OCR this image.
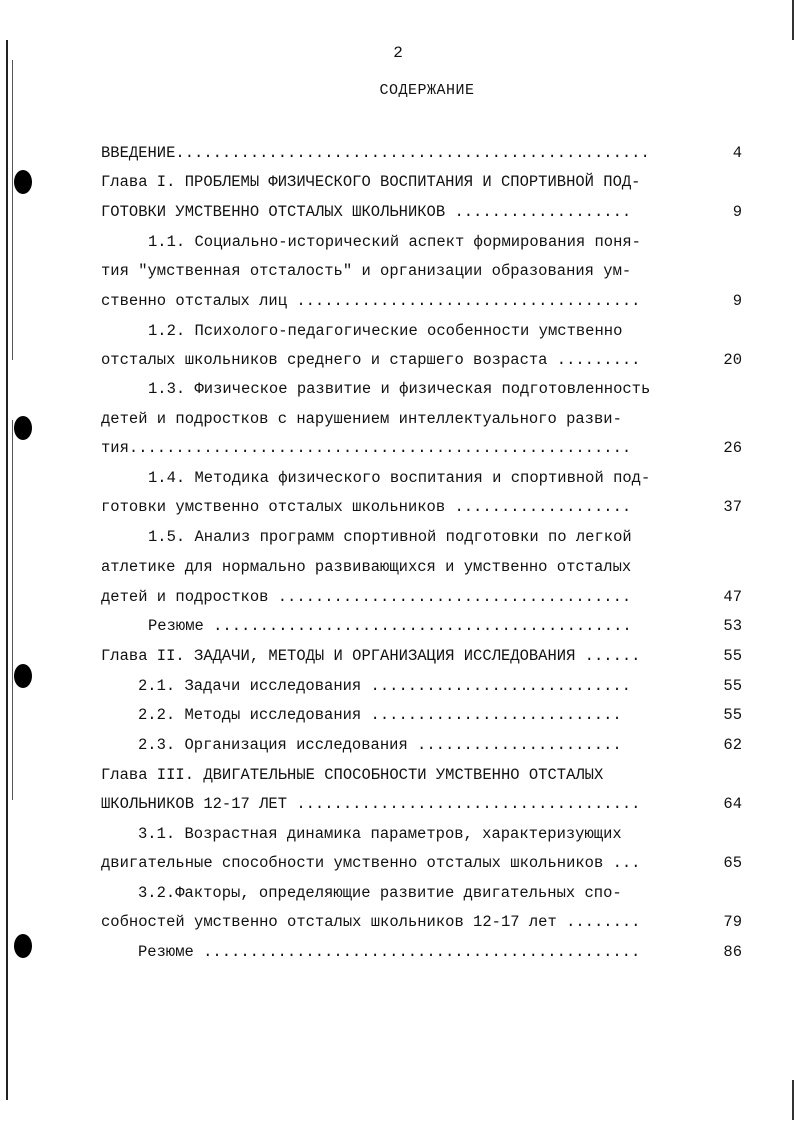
2
СОДЕРЖАНИЕ
ВВЕДЕНИЕ...................................................	4
Глава I. ПРОБЛЕМЫ ФИЗИЧЕСКОГО ВОСПИТАНИЯ И СПОРТИВНОЙ ПОД-
ГОТОВКИ УМСТВЕННО ОТСТАЛЫХ ШКОЛЬНИКОВ ...................	9
1.1. Социально-исторический аспект формирования поня-
тия "умственная отсталость" и организации образования ум-
ственно отсталых лиц .....................................	9
1.2. Психолого-педагогические особенности умственно
отсталых школьников среднего и старшего возраста .........	20
1.3. Физическое развитие и физическая подготовленность
детей и подростков с нарушением интеллектуального разви-
тия......................................................	26
1.4. Методика физического воспитания и спортивной под-
готовки умственно отсталых школьников ...................	37
1.5. Анализ программ спортивной подготовки по легкой
атлетике для нормально развивающихся и умственно отсталых
детей и подростков ......................................	47
Резюме .............................................	53
Глава II. ЗАДАЧИ, МЕТОДЫ И ОРГАНИЗАЦИЯ ИССЛЕДОВАНИЯ ......	55
2.1. Задачи исследования ............................	55
2.2. Методы исследования ...........................	55
2.3. Организация исследования ......................	62
Глава III. ДВИГАТЕЛЬНЫЕ СПОСОБНОСТИ УМСТВЕННО ОТСТАЛЫХ
ШКОЛЬНИКОВ 12-17 ЛЕТ .....................................	64
3.1. Возрастная динамика параметров, характеризующих
двигательные способности умственно отсталых школьников ...	65
3.2.Факторы, определяющие развитие двигательных спо-
собностей умственно отсталых школьников 12-17 лет ........	79
Резюме ...............................................	86
